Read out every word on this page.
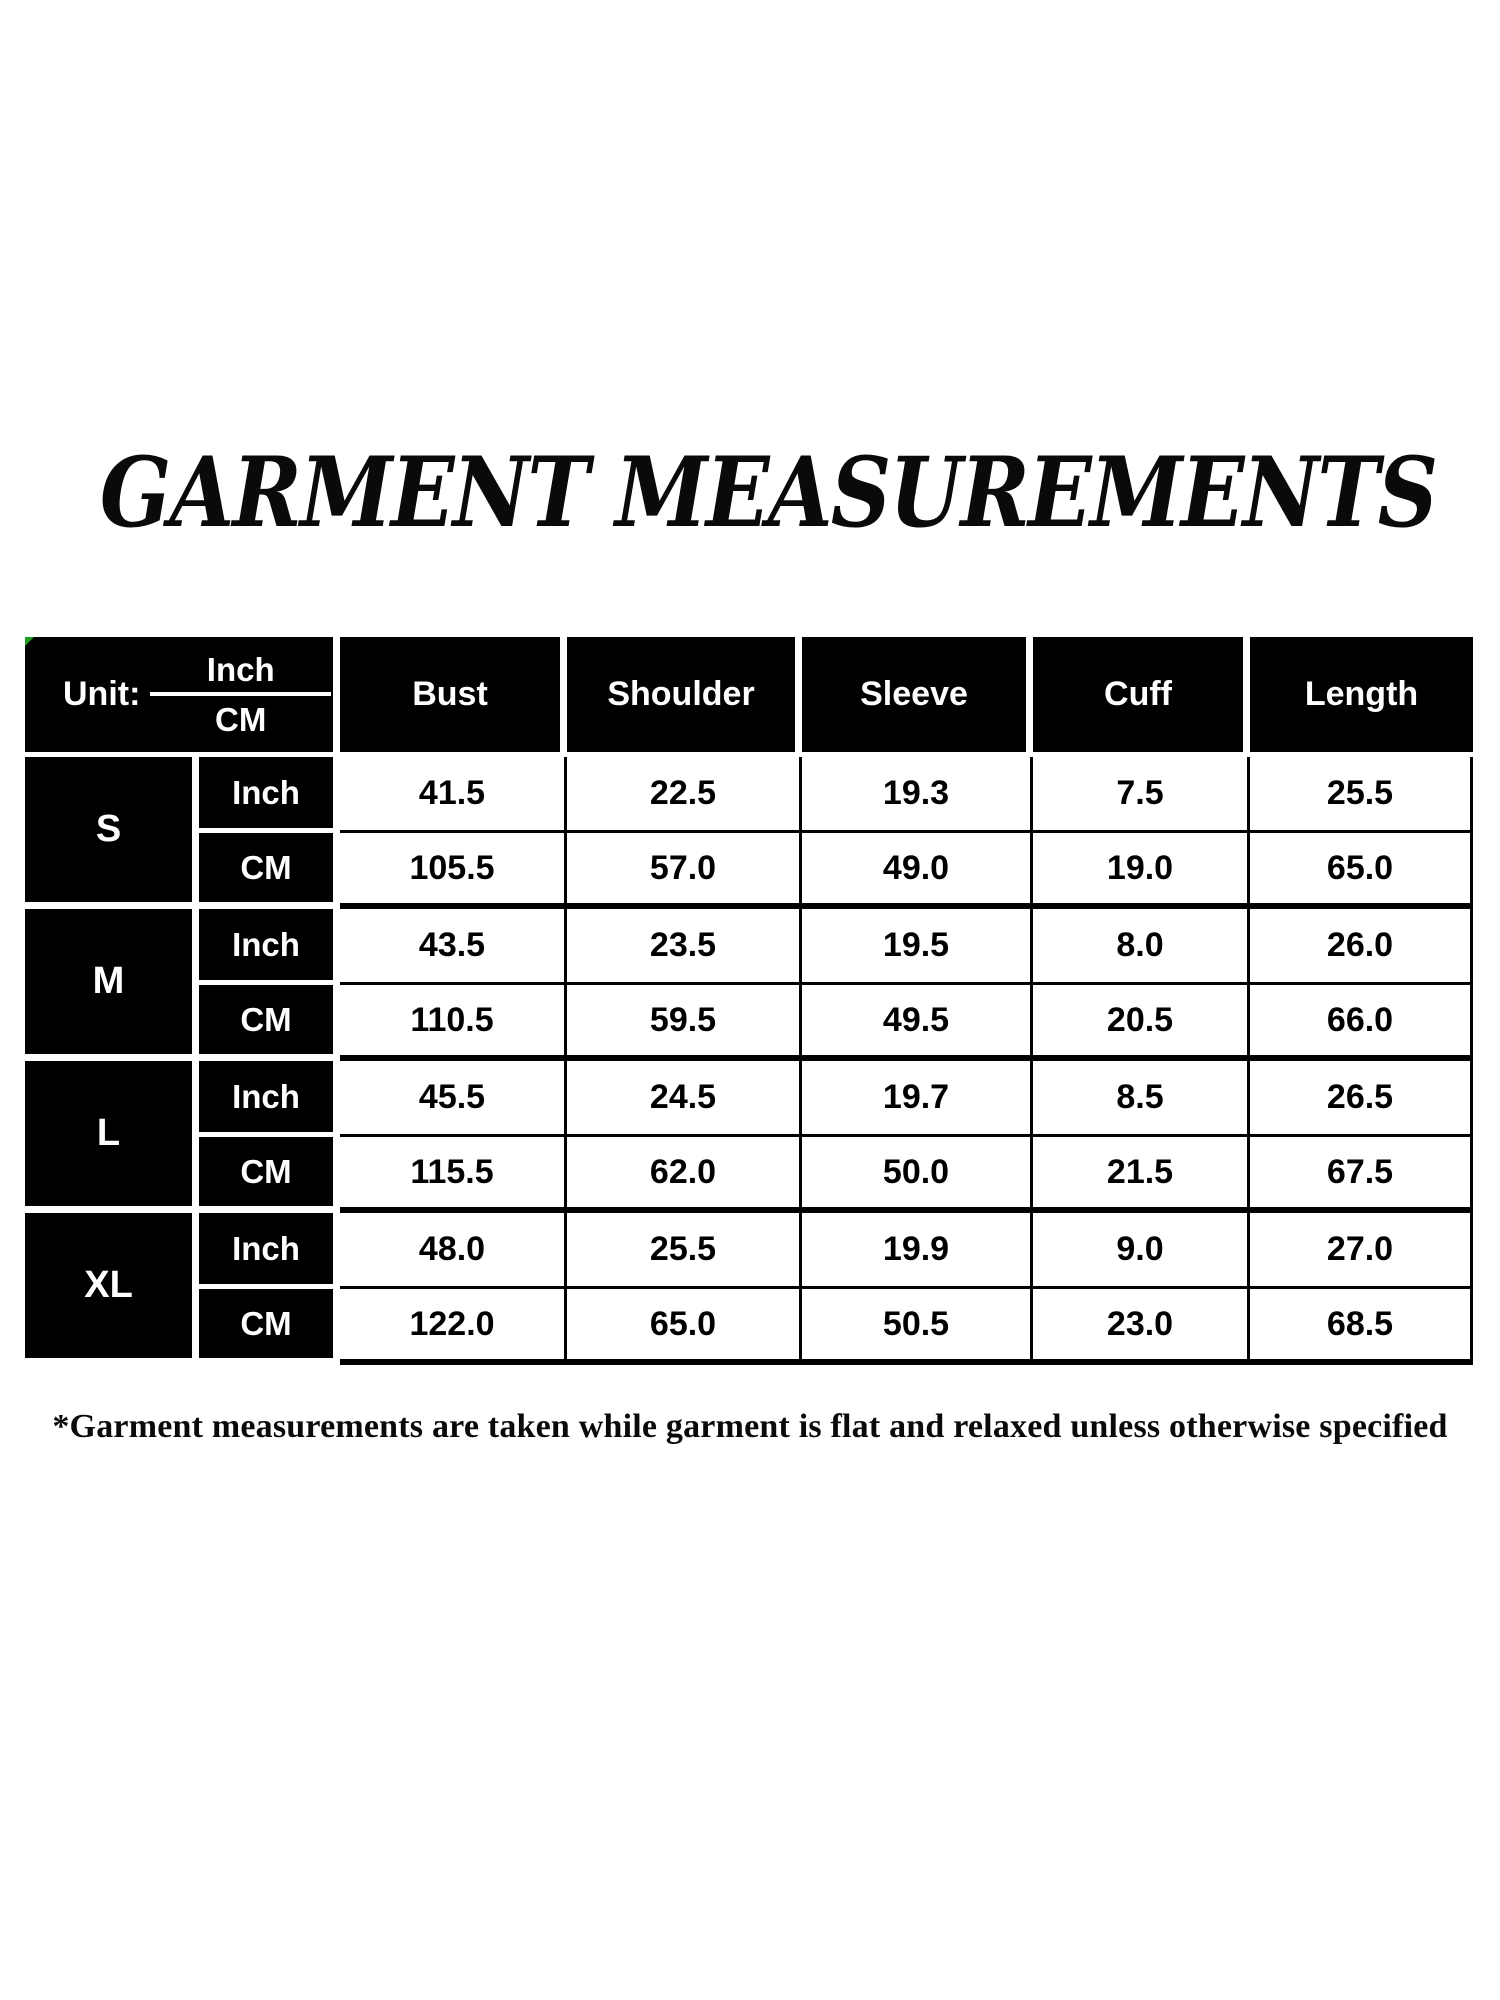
GARMENT MEASUREMENTS
Unit: $\frac{\text{Inch}}{CM}$		Bust	Shoulder	Sleeve	Cuff	Length
S	Inch	41.5	22.5	19.3	7.5	25.5
	CM	105.5	57.0	49.0	19.0	65.0
M	Inch	43.5	23.5	19.5	8.0	26.0
	CM	110.5	59.5	49.5	20.5	66.0
L	Inch	45.5	24.5	19.7	8.5	26.5
	CM	115.5	62.0	50.0	21.5	67.5
XL	Inch	48.0	25.5	19.9	9.0	27.0
	CM	122.0	65.0	50.5	23.0	68.5
*Garment measurements are taken while garment is flat and relaxed unless otherwise specified
